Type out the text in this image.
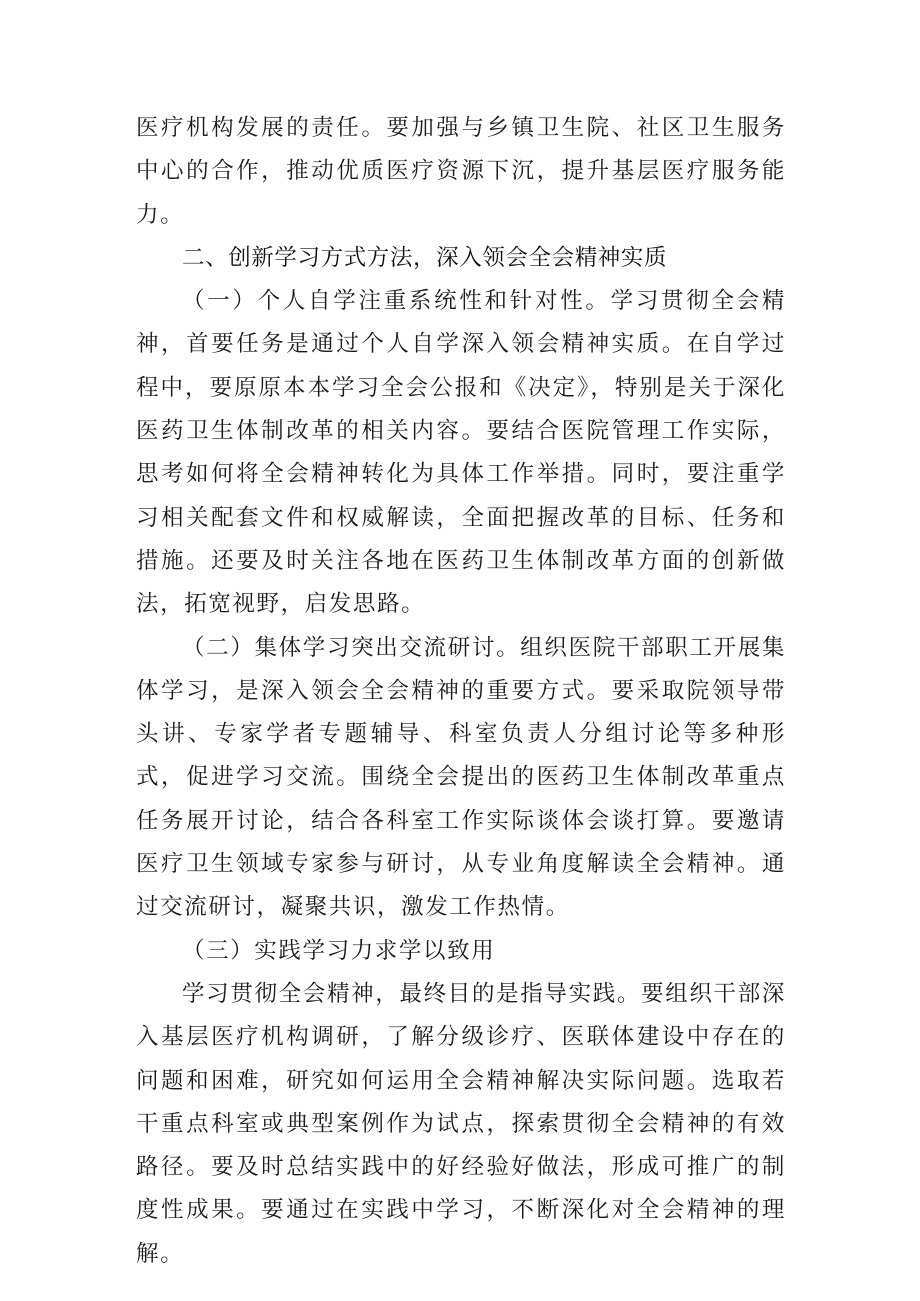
医疗机构发展的责任。要加强与乡镇卫生院、社区卫生服务中心的合作，推动优质医疗资源下沉，提升基层医疗服务能力。

二、创新学习方式方法，深入领会全会精神实质

（一）个人自学注重系统性和针对性。学习贯彻全会精神，首要任务是通过个人自学深入领会精神实质。在自学过程中，要原原本本学习全会公报和《决定》，特别是关于深化医药卫生体制改革的相关内容。要结合医院管理工作实际，思考如何将全会精神转化为具体工作举措。同时，要注重学习相关配套文件和权威解读，全面把握改革的目标、任务和措施。还要及时关注各地在医药卫生体制改革方面的创新做法，拓宽视野，启发思路。

（二）集体学习突出交流研讨。组织医院干部职工开展集体学习，是深入领会全会精神的重要方式。要采取院领导带头讲、专家学者专题辅导、科室负责人分组讨论等多种形式，促进学习交流。围绕全会提出的医药卫生体制改革重点任务展开讨论，结合各科室工作实际谈体会谈打算。要邀请医疗卫生领域专家参与研讨，从专业角度解读全会精神。通过交流研讨，凝聚共识，激发工作热情。

（三）实践学习力求学以致用

学习贯彻全会精神，最终目的是指导实践。要组织干部深入基层医疗机构调研，了解分级诊疗、医联体建设中存在的问题和困难，研究如何运用全会精神解决实际问题。选取若干重点科室或典型案例作为试点，探索贯彻全会精神的有效路径。要及时总结实践中的好经验好做法，形成可推广的制度性成果。要通过在实践中学习，不断深化对全会精神的理解。
